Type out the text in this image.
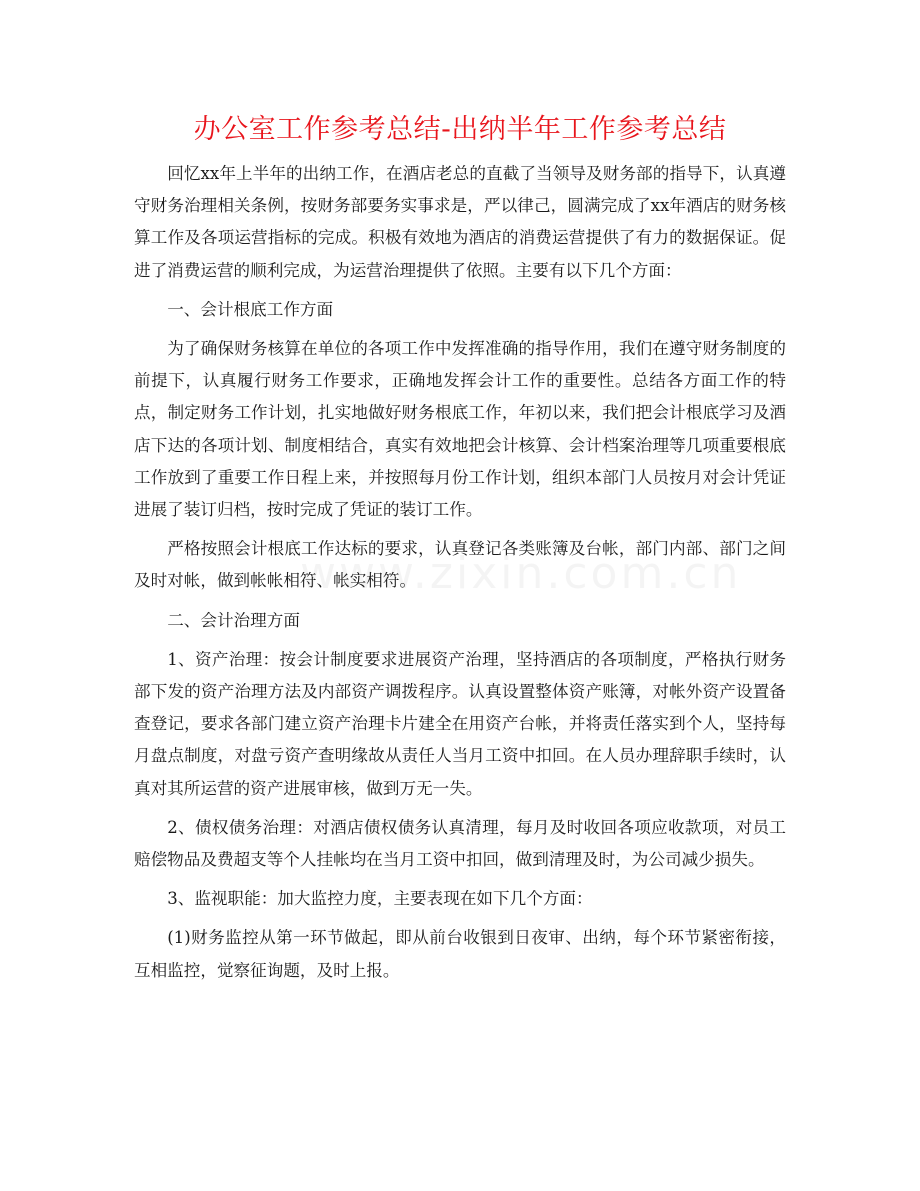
办公室工作参考总结-出纳半年工作参考总结

回忆xx年上半年的出纳工作，在酒店老总的直截了当领导及财务部的指导下，认真遵守财务治理相关条例，按财务部要务实事求是，严以律己，圆满完成了xx年酒店的财务核算工作及各项运营指标的完成。积极有效地为酒店的消费运营提供了有力的数据保证。促进了消费运营的顺利完成，为运营治理提供了依照。主要有以下几个方面：

一、会计根底工作方面

为了确保财务核算在单位的各项工作中发挥准确的指导作用，我们在遵守财务制度的前提下，认真履行财务工作要求，正确地发挥会计工作的重要性。总结各方面工作的特点，制定财务工作计划，扎实地做好财务根底工作，年初以来，我们把会计根底学习及酒店下达的各项计划、制度相结合，真实有效地把会计核算、会计档案治理等几项重要根底工作放到了重要工作日程上来，并按照每月份工作计划，组织本部门人员按月对会计凭证进展了装订归档，按时完成了凭证的装订工作。

严格按照会计根底工作达标的要求，认真登记各类账簿及台帐，部门内部、部门之间及时对帐，做到帐帐相符、帐实相符。

二、会计治理方面

1、资产治理：按会计制度要求进展资产治理，坚持酒店的各项制度，严格执行财务部下发的资产治理方法及内部资产调拨程序。认真设置整体资产账簿，对帐外资产设置备查登记，要求各部门建立资产治理卡片建全在用资产台帐，并将责任落实到个人，坚持每月盘点制度，对盘亏资产查明缘故从责任人当月工资中扣回。在人员办理辞职手续时，认真对其所运营的资产进展审核，做到万无一失。

2、债权债务治理：对酒店债权债务认真清理，每月及时收回各项应收款项，对员工赔偿物品及费超支等个人挂帐均在当月工资中扣回，做到清理及时，为公司减少损失。

3、监视职能：加大监控力度，主要表现在如下几个方面：

(1)财务监控从第一环节做起，即从前台收银到日夜审、出纳，每个环节紧密衔接，互相监控，觉察征询题，及时上报。
